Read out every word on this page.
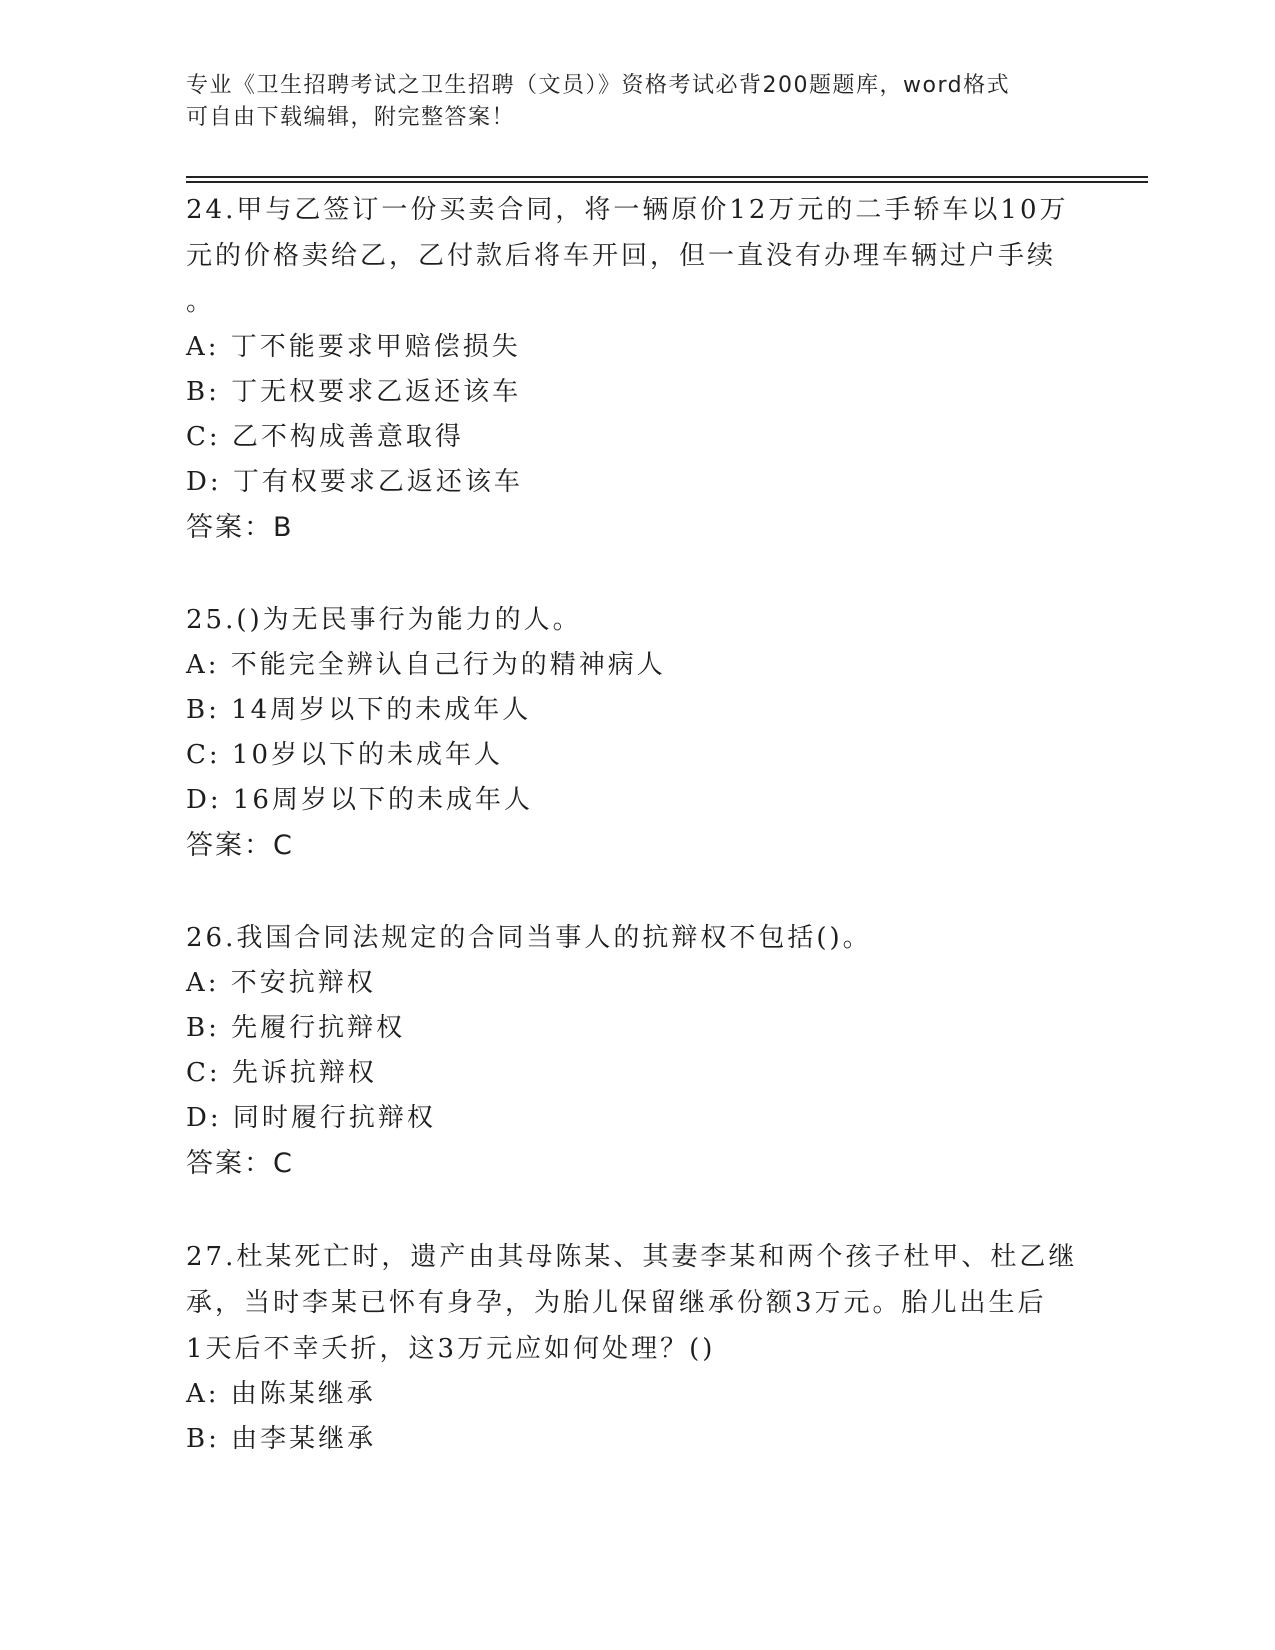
专业《卫生招聘考试之卫生招聘（文员）》资格考试必背200题题库，word格式
可自由下载编辑，附完整答案！
24.甲与乙签订一份买卖合同，将一辆原价12万元的二手轿车以10万
元的价格卖给乙，乙付款后将车开回，但一直没有办理车辆过户手续
。
A: 丁不能要求甲赔偿损失
B: 丁无权要求乙返还该车
C: 乙不构成善意取得
D: 丁有权要求乙返还该车
答案：B
25.()为无民事行为能力的人。
A: 不能完全辨认自己行为的精神病人
B: 14周岁以下的未成年人
C: 10岁以下的未成年人
D: 16周岁以下的未成年人
答案：C
26.我国合同法规定的合同当事人的抗辩权不包括()。
A: 不安抗辩权
B: 先履行抗辩权
C: 先诉抗辩权
D: 同时履行抗辩权
答案：C
27.杜某死亡时，遗产由其母陈某、其妻李某和两个孩子杜甲、杜乙继
承，当时李某已怀有身孕，为胎儿保留继承份额3万元。胎儿出生后
1天后不幸夭折，这3万元应如何处理？()
A: 由陈某继承
B: 由李某继承
